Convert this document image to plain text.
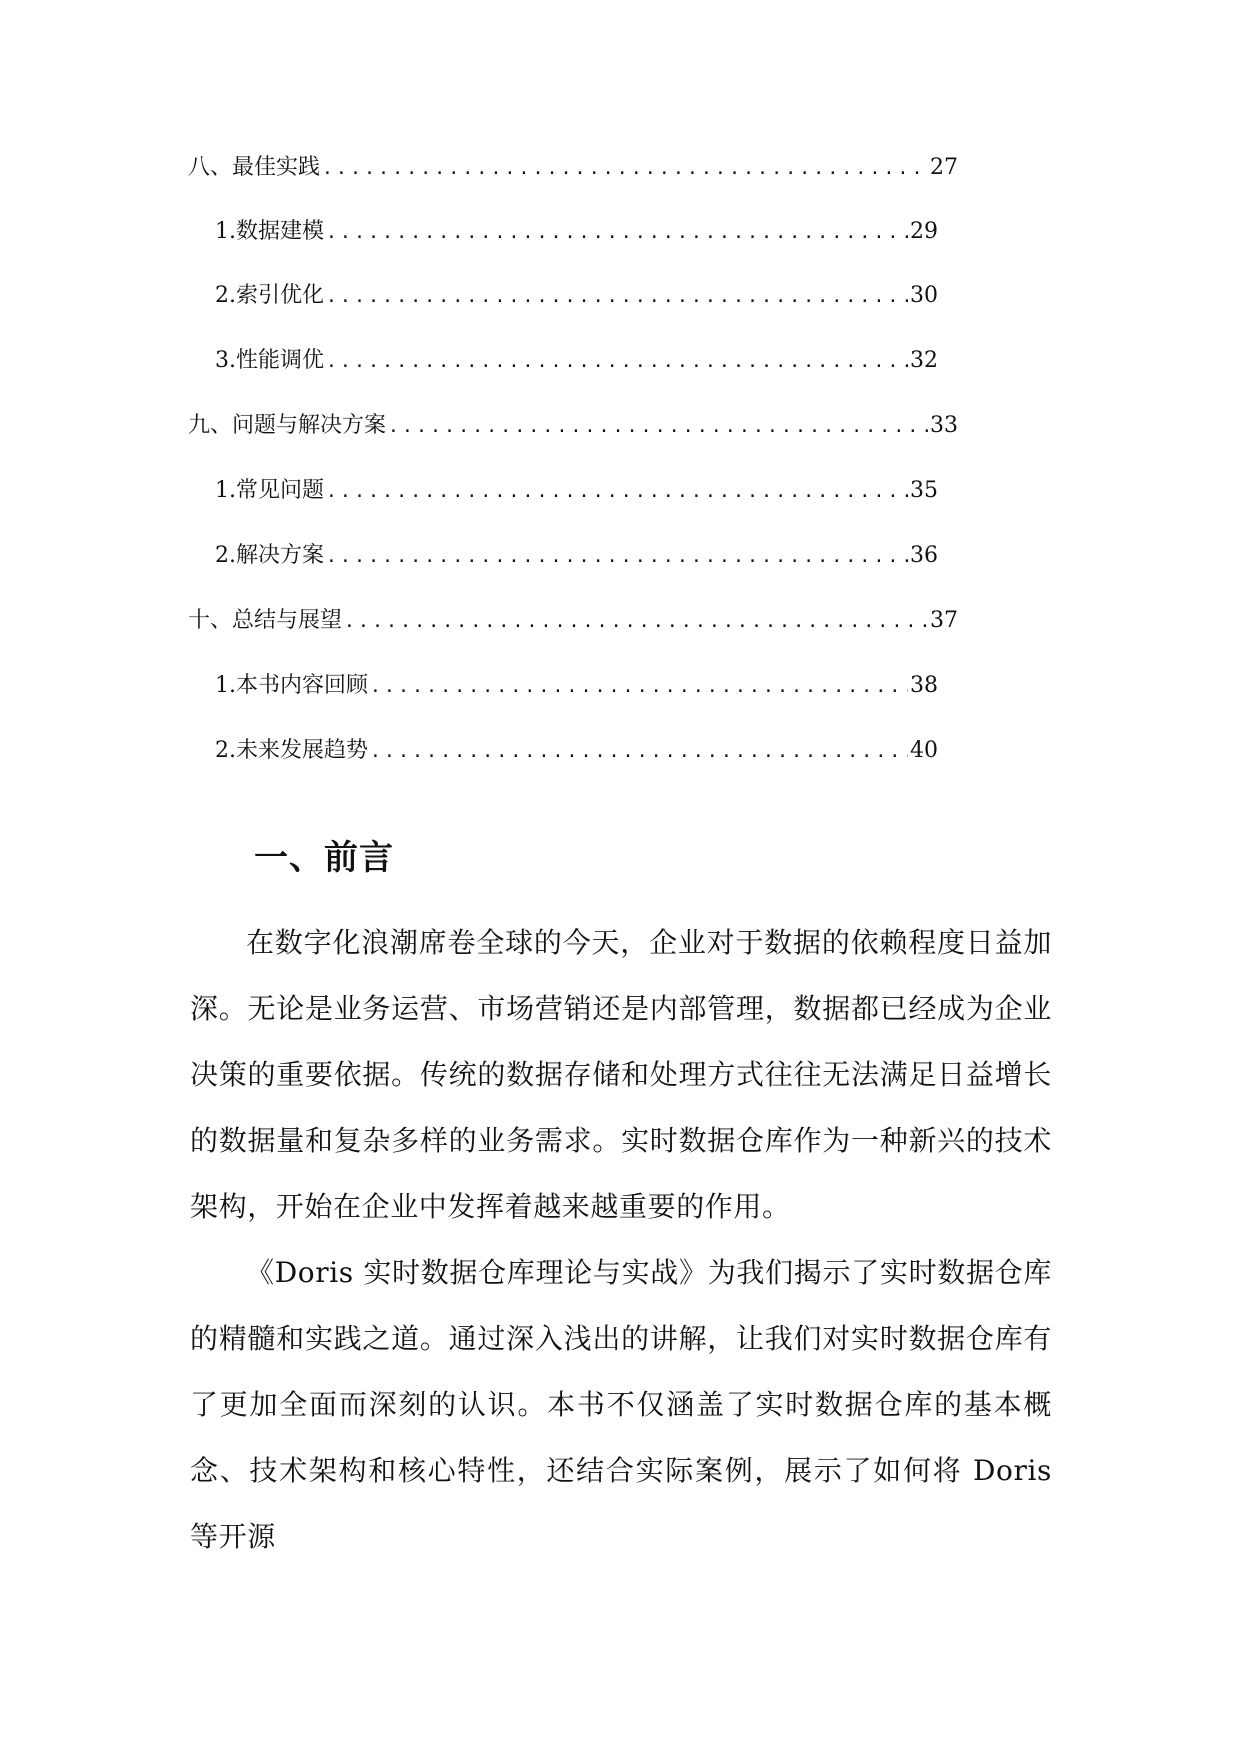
八、最佳实践 .....	27
1. 数据建模 .....	29
2. 索引优化 .....	30
3. 性能调优 .....	32
九、问题与解决方案 .....	33
1. 常见问题 .....	35
2. 解决方案 .....	36
十、总结与展望 .....	37
1. 本书内容回顾 .....	38
2. 未来发展趋势 .....	40
一、前言

在数字化浪潮席卷全球的今天，企业对于数据的依赖程度日益加深。无论是业务运营、市场营销还是内部管理，数据都已经成为企业决策的重要依据。传统的数据存储和处理方式往往无法满足日益增长的数据量和复杂多样的业务需求。实时数据仓库作为一种新兴的技术架构，开始在企业中发挥着越来越重要的作用。

《Doris 实时数据仓库理论与实战》为我们揭示了实时数据仓库的精髓和实践之道。通过深入浅出的讲解，让我们对实时数据仓库有了更加全面而深刻的认识。本书不仅涵盖了实时数据仓库的基本概念、技术架构和核心特性，还结合实际案例，展示了如何将 Doris 等开源
